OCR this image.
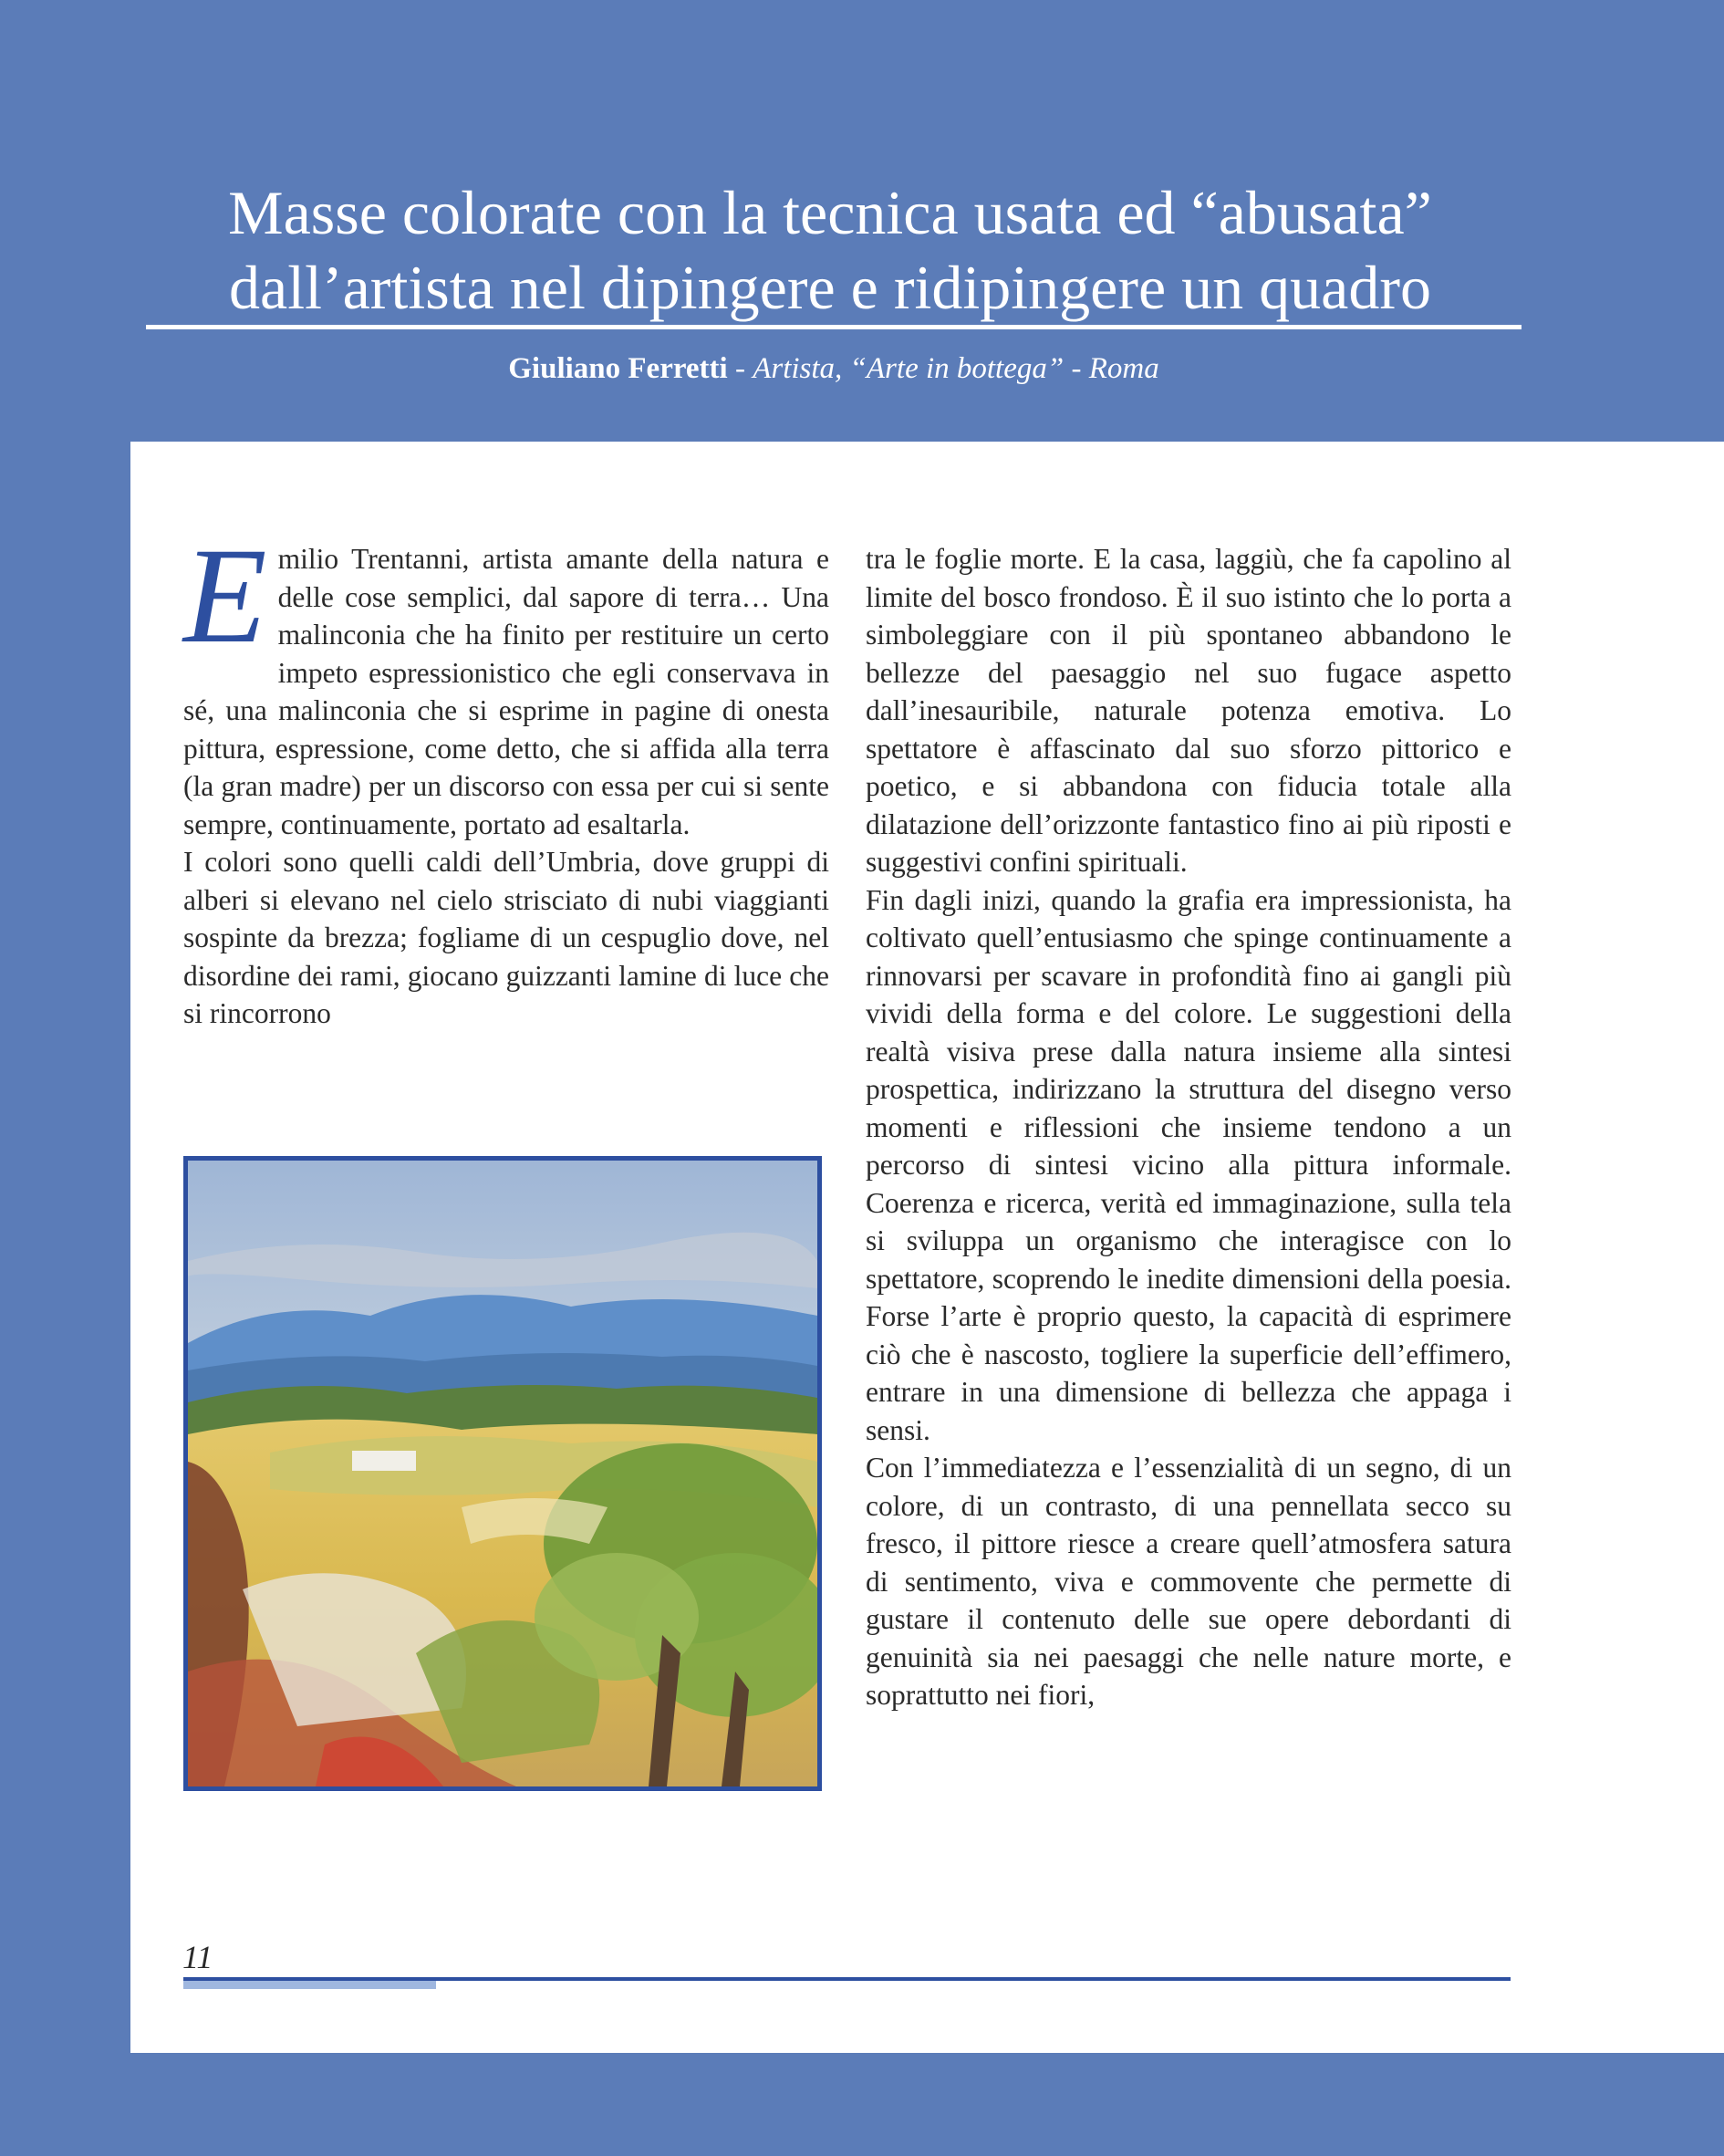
Masse colorate con la tecnica usata ed “abusata”
dall’artista nel dipingere e ridipingere un quadro
Giuliano Ferretti - Artista, “Arte in bottega” - Roma

Emilio Trentanni, artista amante della natura e delle cose semplici, dal sapore di terra… Una malinconia che ha finito per restituire un certo impeto espressionistico che egli conservava in sé, una malinconia che si esprime in pagine di onesta pittura, espressione, come detto, che si affida alla terra (la gran madre) per un discorso con essa per cui si sente sempre, continuamente, portato ad esaltarla.

I colori sono quelli caldi dell’Umbria, dove gruppi di alberi si elevano nel cielo strisciato di nubi viaggianti sospinte da brezza; fogliame di un cespuglio dove, nel disordine dei rami, giocano guizzanti lamine di luce che si rincorrono

tra le foglie morte. E la casa, laggiù, che fa capolino al limite del bosco frondoso. È il suo istinto che lo porta a simboleggiare con il più spontaneo abbandono le bellezze del paesaggio nel suo fugace aspetto dall’inesauribile, naturale potenza emotiva. Lo spettatore è affascinato dal suo sforzo pittorico e poetico, e si abbandona con fiducia totale alla dilatazione dell’orizzonte fantastico fino ai più riposti e suggestivi confini spirituali.

Fin dagli inizi, quando la grafia era impressionista, ha coltivato quell’entusiasmo che spinge continuamente a rinnovarsi per scavare in profondità fino ai gangli più vividi della forma e del colore. Le suggestioni della realtà visiva prese dalla natura insieme alla sintesi prospettica, indirizzano la struttura del disegno verso momenti e riflessioni che insieme tendono a un percorso di sintesi vicino alla pittura informale. Coerenza e ricerca, verità ed immaginazione, sulla tela si sviluppa un organismo che interagisce con lo spettatore, scoprendo le inedite dimensioni della poesia. Forse l’arte è proprio questo, la capacità di esprimere ciò che è nascosto, togliere la superficie dell’effimero, entrare in una dimensione di bellezza che appaga i sensi.

Con l’immediatezza e l’essenzialità di un segno, di un colore, di un contrasto, di una pennellata secco su fresco, il pittore riesce a creare quell’atmosfera satura di sentimento, viva e commovente che permette di gustare il contenuto delle sue opere debordanti di genuinità sia nei paesaggi che nelle nature morte, e soprattutto nei fiori,

11
